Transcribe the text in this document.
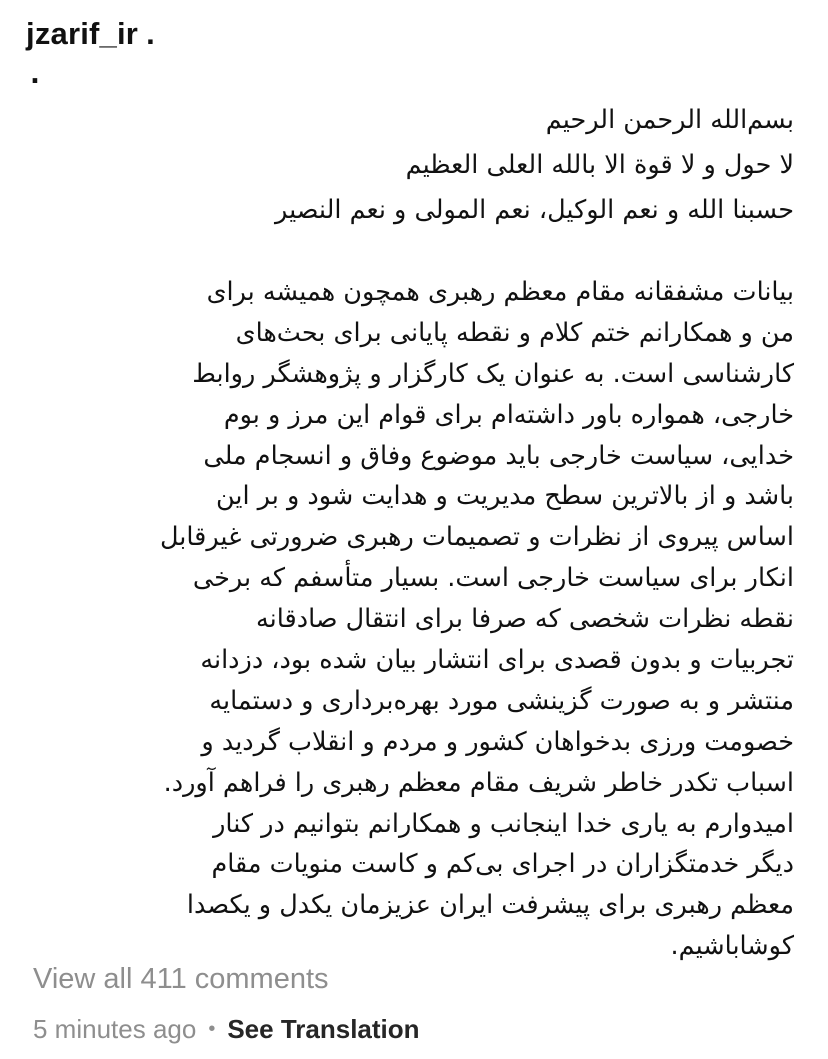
jzarif_ir .
.
بسم‌الله الرحمن الرحیم
لا حول و لا قوة الا بالله العلی العظیم
حسبنا الله و نعم الوکیل، نعم المولی و نعم النصیر
بیانات مشفقانه مقام معظم رهبری همچون همیشه برای
من و همکارانم ختم کلام و نقطه پایانی برای بحث‌های
کارشناسی است. به عنوان یک کارگزار و پژوهشگر روابط
خارجی، همواره باور داشته‌ام برای قوام این مرز و بوم
خدایی، سیاست خارجی باید موضوع وفاق و انسجام ملی
باشد و از بالاترین سطح مدیریت و هدایت شود و بر این
اساس پیروی از نظرات و تصمیمات رهبری ضرورتی غیرقابل
انکار برای سیاست خارجی است. بسیار متأسفم که برخی
نقطه نظرات شخصی که صرفا برای انتقال صادقانه
تجربیات و بدون قصدی برای انتشار بیان شده بود، دزدانه
منتشر و به صورت گزینشی مورد بهره‌برداری و دستمایه
خصومت ورزی بدخواهان کشور و مردم و انقلاب گردید و
اسباب تکدر خاطر شریف مقام معظم رهبری را فراهم آورد.
امیدوارم به یاری خدا اینجانب و همکارانم بتوانیم در کنار
دیگر خدمتگزاران در اجرای بی‌کم و کاست منویات مقام
معظم رهبری برای پیشرفت ایران عزیزمان یکدل و یکصدا
کوشاباشیم.
View all 411 comments
5 minutes ago • See Translation
